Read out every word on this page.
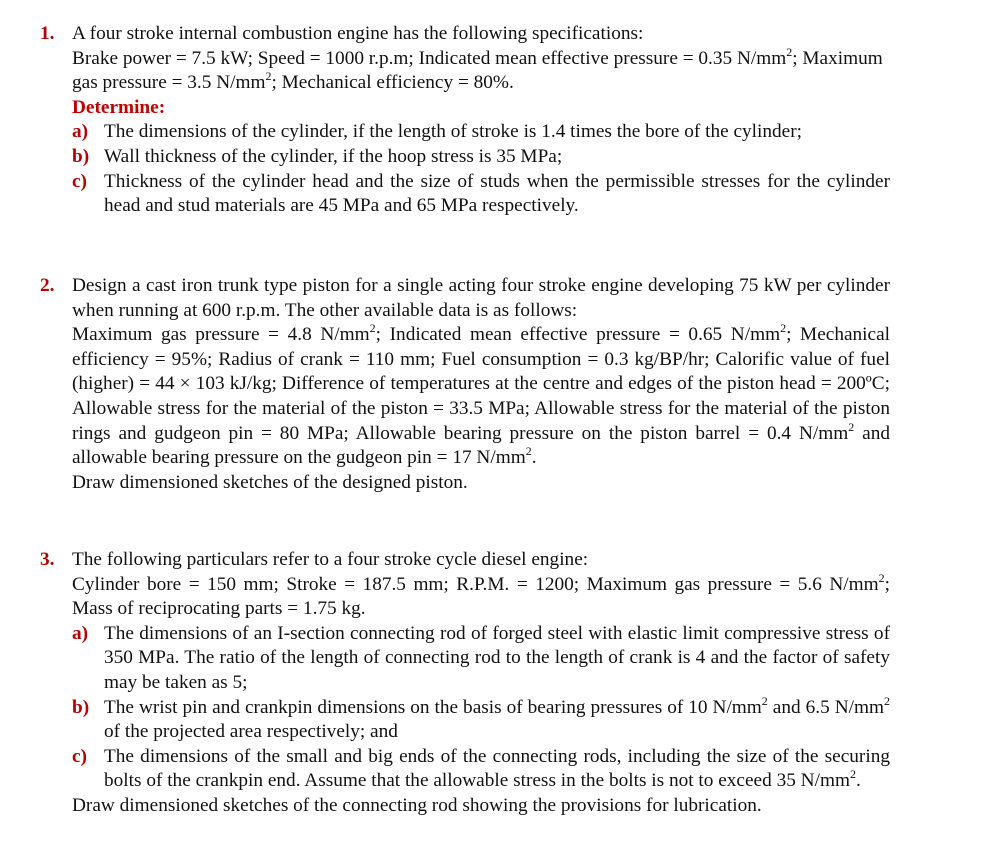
1. A four stroke internal combustion engine has the following specifications:
Brake power = 7.5 kW; Speed = 1000 r.p.m; Indicated mean effective pressure = 0.35 $N/mm^2$; Maximum gas pressure = 3.5 $N/mm^2$; Mechanical efficiency = 80%.
Determine:
a) The dimensions of the cylinder, if the length of stroke is 1.4 times the bore of the cylinder;
b) Wall thickness of the cylinder, if the hoop stress is 35 MPa;
c) Thickness of the cylinder head and the size of studs when the permissible stresses for the cylinder head and stud materials are 45 MPa and 65 MPa respectively.
2. Design a cast iron trunk type piston for a single acting four stroke engine developing 75 kW per cylinder when running at 600 r.p.m. The other available data is as follows:
Maximum gas pressure = 4.8 $N/mm^2$; Indicated mean effective pressure = 0.65 $N/mm^2$; Mechanical efficiency = 95%; Radius of crank = 110 mm; Fuel consumption = 0.3 kg/BP/hr; Calorific value of fuel (higher) = 44 × 103 kJ/kg; Difference of temperatures at the centre and edges of the piston head = 200ºC; Allowable stress for the material of the piston = 33.5 MPa; Allowable stress for the material of the piston rings and gudgeon pin = 80 MPa; Allowable bearing pressure on the piston barrel = 0.4 $N/mm^2$ and allowable bearing pressure on the gudgeon pin = 17 $N/mm^2$.
Draw dimensioned sketches of the designed piston.
3. The following particulars refer to a four stroke cycle diesel engine:
Cylinder bore = 150 mm; Stroke = 187.5 mm; R.P.M. = 1200; Maximum gas pressure = 5.6 $N/mm^2$; Mass of reciprocating parts = 1.75 kg.
a) The dimensions of an I-section connecting rod of forged steel with elastic limit compressive stress of 350 MPa. The ratio of the length of connecting rod to the length of crank is 4 and the factor of safety may be taken as 5;
b) The wrist pin and crankpin dimensions on the basis of bearing pressures of 10 $N/mm^2$ and 6.5 $N/mm^2$ of the projected area respectively; and
c) The dimensions of the small and big ends of the connecting rods, including the size of the securing bolts of the crankpin end. Assume that the allowable stress in the bolts is not to exceed 35 $N/mm^2$.
Draw dimensioned sketches of the connecting rod showing the provisions for lubrication.
